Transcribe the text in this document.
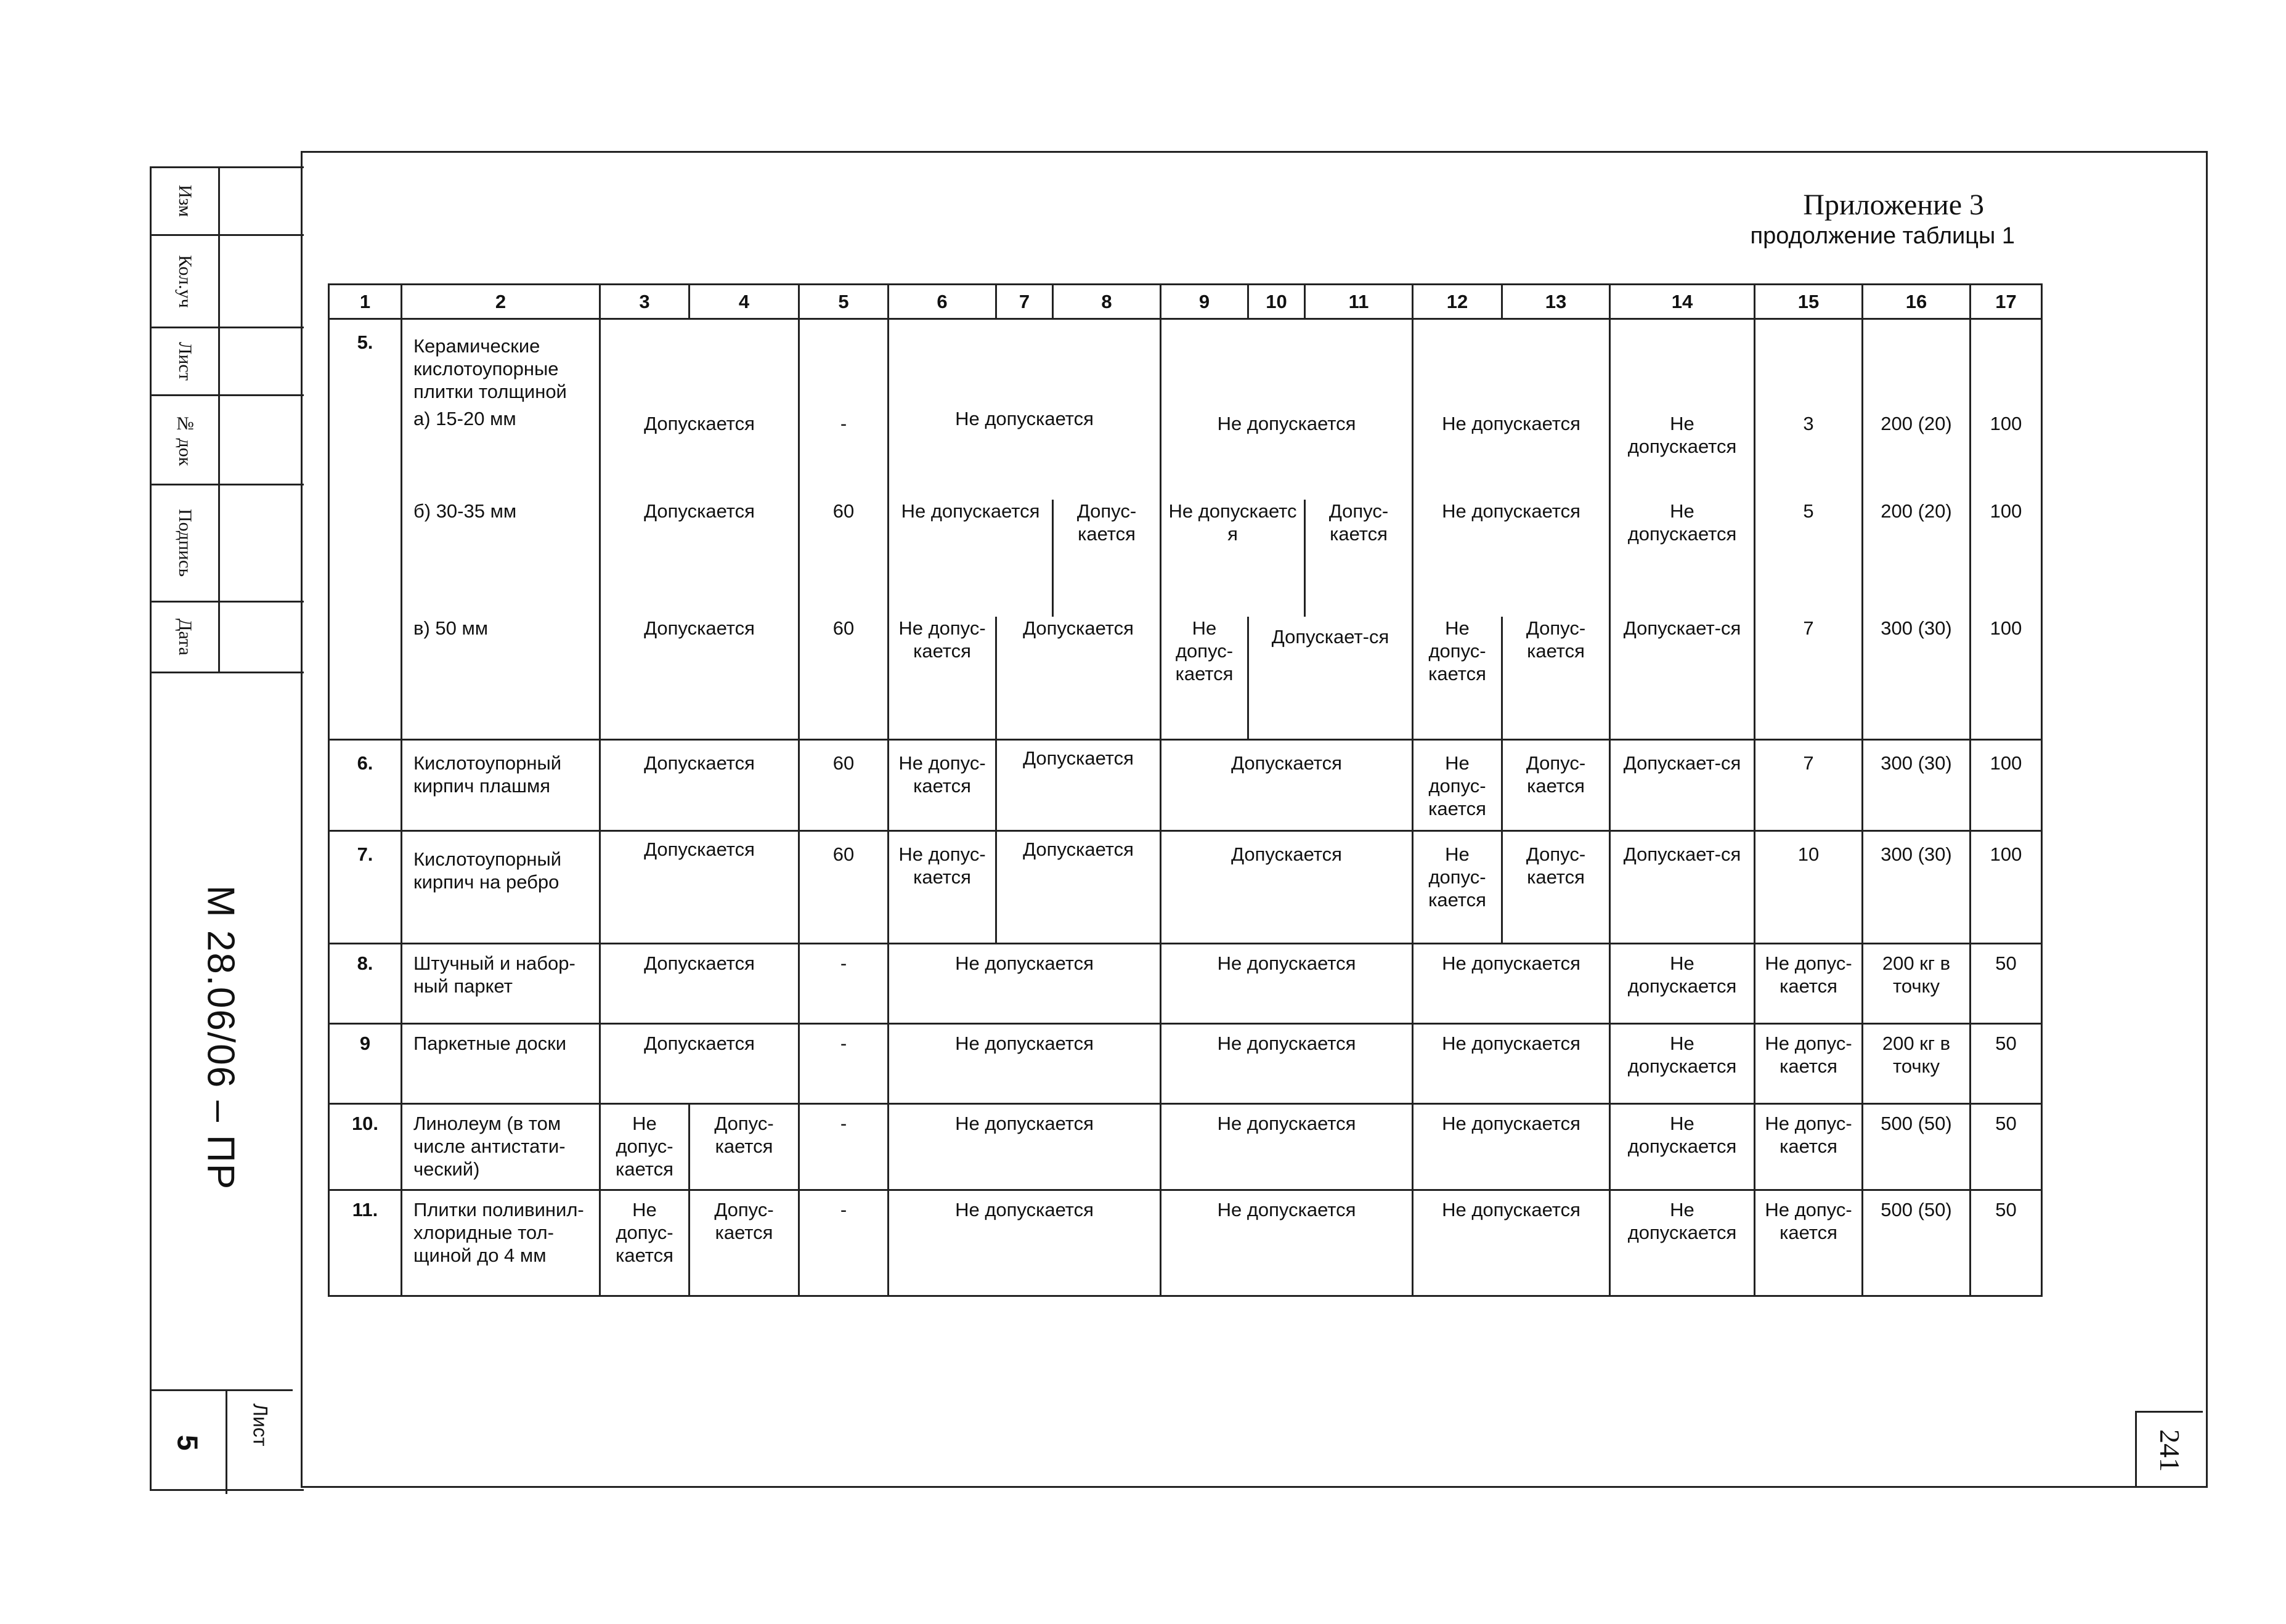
Изм
Кол.уч
Лист
№ док
Подпись
Дата
М 28.06/06 – ПР
5 Лист
241
Приложение 3
продолжение таблицы 1
1	2	3	4	5	6	7	8	9	10	11	12	13	14	15	16	17
5.	Керамические кислотоупорные плитки толщиной															
	а) 15-20 мм	Допускается		-	Не допускается			Не допускается			Не допускается		Не допускается	3	200 (20)	100
	б) 30-35 мм	Допускается		60	Не допускается		Допус-кается	Не допускаетс я		Допус-кается	Не допускается		Не допускается	5	200 (20)	100
	в) 50 мм	Допускается		60	Не допус-кается	Допускается		Не допус-кается	Допускает-ся		Не допус-кается	Допус-кается	Допускает-ся	7	300 (30)	100
6.	Кислотоупорный кирпич плашмя	Допускается		60	Не допус-кается	Допускается		Допускается			Не допус-кается	Допус-кается	Допускает-ся	7	300 (30)	100
7.	Кислотоупорный кирпич на ребро	Допускается		60	Не допус-кается	Допускается		Допускается			Не допус-кается	Допус-кается	Допускает-ся	10	300 (30)	100
8.	Штучный и набор-ный паркет	Допускается		-	Не допускается			Не допускается			Не допускается		Не допускается	Не допус-кается	200 кг в точку	50
9	Паркетные доски	Допускается		-	Не допускается			Не допускается			Не допускается		Не допускается	Не допус-кается	200 кг в точку	50
10.	Линолеум (в том числе антистати-ческий)	Не допус-кается	Допус-кается	-	Не допускается			Не допускается			Не допускается		Не допускается	Не допус-кается	500 (50)	50
11.	Плитки поливинил-хлоридные тол-щиной до 4 мм	Не допус-кается	Допус-кается	-	Не допускается			Не допускается			Не допускается		Не допускается	Не допус-кается	500 (50)	50
